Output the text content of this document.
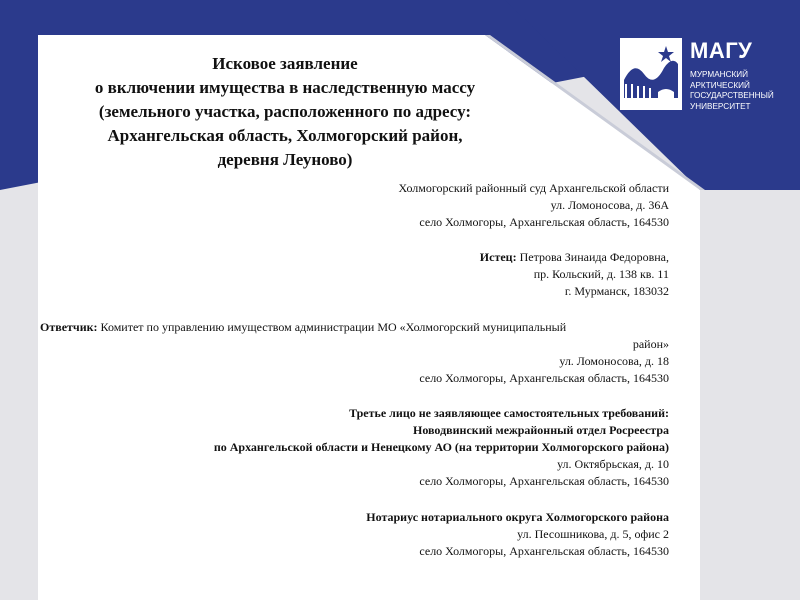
Исковое заявление
о включении имущества в наследственную массу
(земельного участка, расположенного по адресу:
Архангельская область, Холмогорский район,
деревня Леуново)
МАГУ
МУРМАНСКИЙ
АРКТИЧЕСКИЙ
ГОСУДАРСТВЕННЫЙ
УНИВЕРСИТЕТ
Холмогорский районный суд Архангельской области
ул. Ломоносова, д. 36А
село Холмогоры, Архангельская область, 164530
Истец: Петрова Зинаида Федоровна,
пр. Кольский, д. 138 кв. 11
г. Мурманск, 183032
Ответчик: Комитет по управлению имуществом администрации МО «Холмогорский муниципальный
район»
ул. Ломоносова, д. 18
село Холмогоры, Архангельская область, 164530
Третье лицо не заявляющее самостоятельных требований:
Новодвинский межрайонный отдел Росреестра
по Архангельской области и Ненецкому АО (на территории Холмогорского района)
ул. Октябрьская, д. 10
село Холмогоры, Архангельская область, 164530
Нотариус нотариального округа Холмогорского района
ул. Песошникова, д. 5, офис 2
село Холмогоры, Архангельская область, 164530
